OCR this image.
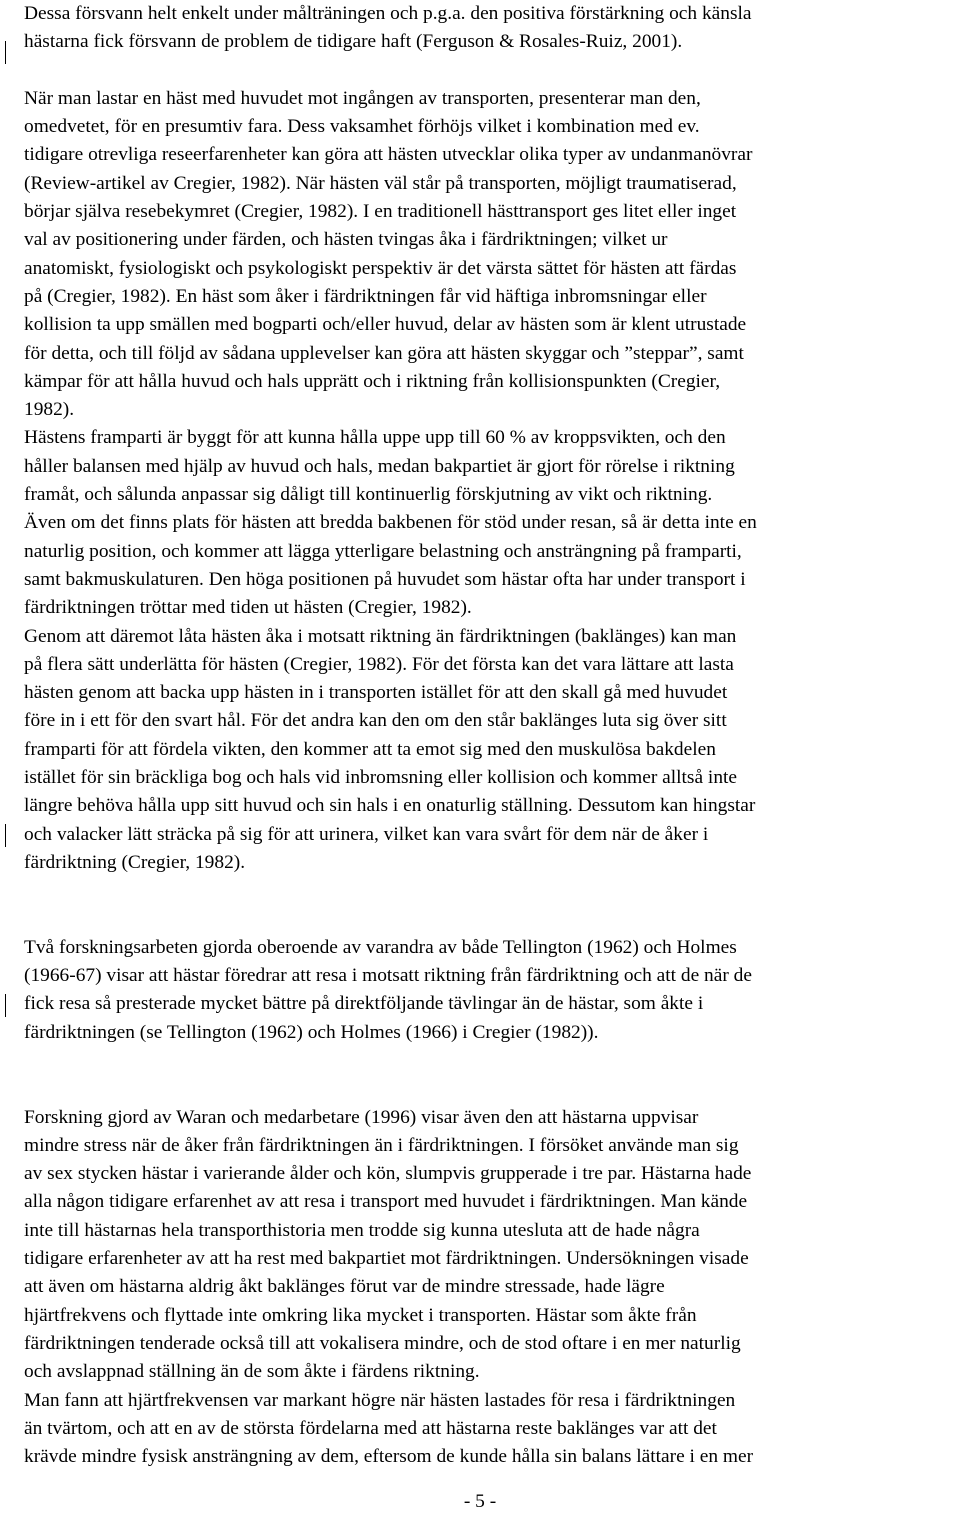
Dessa försvann helt enkelt under målträningen och p.g.a. den positiva förstärkning och känsla
hästarna fick försvann de problem de tidigare haft (Ferguson & Rosales-Ruiz, 2001).

När man lastar en häst med huvudet mot ingången av transporten, presenterar man den,
omedvetet, för en presumtiv fara. Dess vaksamhet förhöjs vilket i kombination med ev.
tidigare otrevliga reseerfarenheter kan göra att hästen utvecklar olika typer av undanmanövrar
(Review-artikel av Cregier, 1982). När hästen väl står på transporten, möjligt traumatiserad,
börjar själva resebekymret (Cregier, 1982). I en traditionell hästtransport ges litet eller inget
val av positionering under färden, och hästen tvingas åka i färdriktningen; vilket ur
anatomiskt, fysiologiskt och psykologiskt perspektiv är det värsta sättet för hästen att färdas
på (Cregier, 1982). En häst som åker i färdriktningen får vid häftiga inbromsningar eller
kollision ta upp smällen med bogparti och/eller huvud, delar av hästen som är klent utrustade
för detta, och till följd av sådana upplevelser kan göra att hästen skyggar och ”steppar”, samt
kämpar för att hålla huvud och hals upprätt och i riktning från kollisionspunkten (Cregier,
1982).

Hästens framparti är byggt för att kunna hålla uppe upp till 60 % av kroppsvikten, och den
håller balansen med hjälp av huvud och hals, medan bakpartiet är gjort för rörelse i riktning
framåt, och sålunda anpassar sig dåligt till kontinuerlig förskjutning av vikt och riktning.
Även om det finns plats för hästen att bredda bakbenen för stöd under resan, så är detta inte en
naturlig position, och kommer att lägga ytterligare belastning och ansträngning på framparti,
samt bakmuskulaturen. Den höga positionen på huvudet som hästar ofta har under transport i
färdriktningen tröttar med tiden ut hästen (Cregier, 1982).

Genom att däremot låta hästen åka i motsatt riktning än färdriktningen (baklänges) kan man
på flera sätt underlätta för hästen (Cregier, 1982). För det första kan det vara lättare att lasta
hästen genom att backa upp hästen in i transporten istället för att den skall gå med huvudet
före in i ett för den svart hål. För det andra kan den om den står baklänges luta sig över sitt
framparti för att fördela vikten, den kommer att ta emot sig med den muskulösa bakdelen
istället för sin bräckliga bog och hals vid inbromsning eller kollision och kommer alltså inte
längre behöva hålla upp sitt huvud och sin hals i en onaturlig ställning. Dessutom kan hingstar
och valacker lätt sträcka på sig för att urinera, vilket kan vara svårt för dem när de åker i
färdriktning (Cregier, 1982).

Två forskningsarbeten gjorda oberoende av varandra av både Tellington (1962) och Holmes
(1966-67) visar att hästar föredrar att resa i motsatt riktning från färdriktning och att de när de
fick resa så presterade mycket bättre på direktföljande tävlingar än de hästar, som åkte i
färdriktningen (se Tellington (1962) och Holmes (1966) i Cregier (1982)).

Forskning gjord av Waran och medarbetare (1996) visar även den att hästarna uppvisar
mindre stress när de åker från färdriktningen än i färdriktningen. I försöket använde man sig
av sex stycken hästar i varierande ålder och kön, slumpvis grupperade i tre par. Hästarna hade
alla någon tidigare erfarenhet av att resa i transport med huvudet i färdriktningen. Man kände
inte till hästarnas hela transporthistoria men trodde sig kunna utesluta att de hade några
tidigare erfarenheter av att ha rest med bakpartiet mot färdriktningen. Undersökningen visade
att även om hästarna aldrig åkt baklänges förut var de mindre stressade, hade lägre
hjärtfrekvens och flyttade inte omkring lika mycket i transporten. Hästar som åkte från
färdriktningen tenderade också till att vokalisera mindre, och de stod oftare i en mer naturlig
och avslappnad ställning än de som åkte i färdens riktning.

Man fann att hjärtfrekvensen var markant högre när hästen lastades för resa i färdriktningen
än tvärtom, och att en av de största fördelarna med att hästarna reste baklänges var att det
krävde mindre fysisk ansträngning av dem, eftersom de kunde hålla sin balans lättare i en mer

- 5 -
